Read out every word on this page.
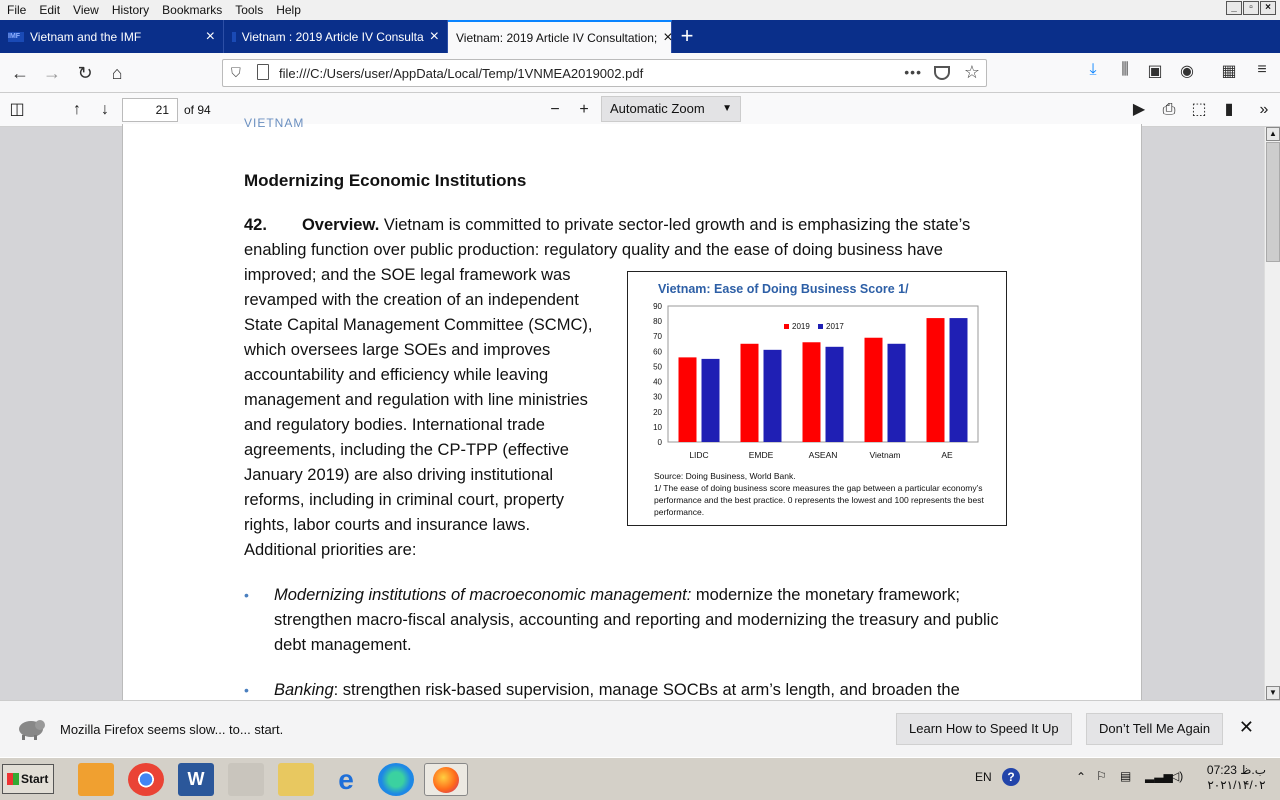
File	Edit	View	History	Bookmarks	Tools	Help	_	▫	×
IMF Vietnam and the IMF	× Vietnam : 2019 Article IV Consulta × Vietnam: 2019 Article IV Consultation; × +
← → ↻	⌂	⛉	file:///C:/Users/user/AppData/Local/Temp/1VNMEA2019002.pdf	••• ☆	⤓	⫼	▣	◉	▦	≡
◫	↑	↓	21	of 94	−	+	Automatic Zoom ▼	▶	⎙ ⬚	▮	»
VIETNAM
Modernizing Economic Institutions
42. Overview. Vietnam is committed to private sector-led growth and is emphasizing the state’s enabling function over public production: regulatory quality and the ease of doing business have
improved; and the SOE legal framework was
revamped with the creation of an independent
State Capital Management Committee (SCMC),
which oversees large SOEs and improves
accountability and efficiency while leaving
management and regulation with line ministries
and regulatory bodies. International trade
agreements, including the CP-TPP (effective
January 2019) are also driving institutional
reforms, including in criminal court, property
rights, labor courts and insurance laws.
Additional priorities are:
Vietnam: Ease of Doing Business Score 1/
0
10
20
30
40
50
60
70
80
90
LIDC	EMDE	ASEAN	Vietnam	AE
2019 2017
Source: Doing Business, World Bank.
1/ The ease of doing business score measures the gap between a particular economy’s performance and the best practice. 0 represents the lowest and 100 represents the best performance.
•	Modernizing institutions of macroeconomic management: modernize the monetary framework; strengthen macro-fiscal analysis, accounting and reporting and modernizing the treasury and public debt management.
•	Banking: strengthen risk-based supervision, manage SOCBs at arm’s length, and broaden the
▲
▼
Mozilla Firefox seems slow... to... start.	Learn How to Speed It Up	Don’t Tell Me Again	✕
Start	W	e	EN	?	⌃ ⚐ ▤ ▂▃▅
◁) 07:23 ب.ظ
۲۰۲۱/۱۴/۰۲
